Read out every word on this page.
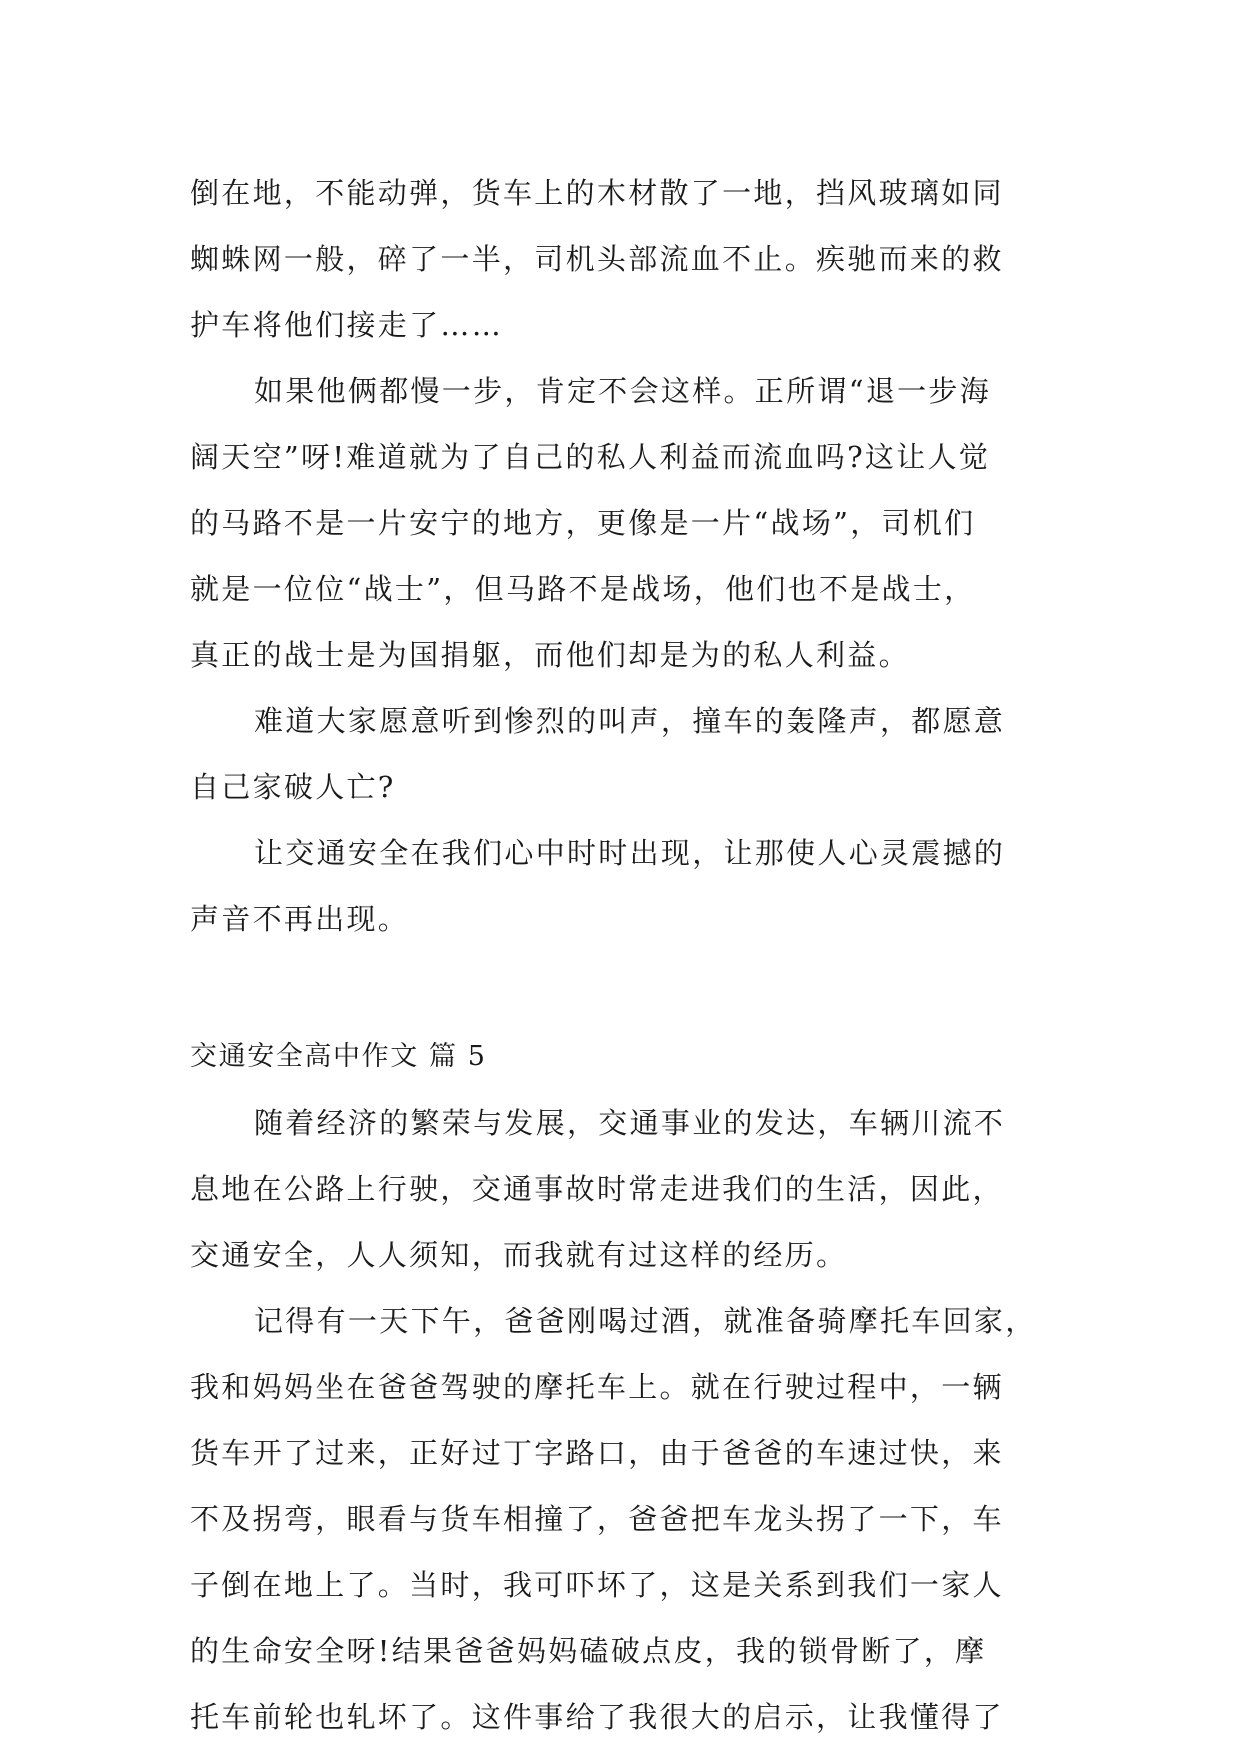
倒在地，不能动弹，货车上的木材散了一地，挡风玻璃如同
蜘蛛网一般，碎了一半，司机头部流血不止。疾驰而来的救
护车将他们接走了……

如果他俩都慢一步，肯定不会这样。正所谓“退一步海
阔天空”呀!难道就为了自己的私人利益而流血吗?这让人觉
的马路不是一片安宁的地方，更像是一片“战场”，司机们
就是一位位“战士”，但马路不是战场，他们也不是战士，
真正的战士是为国捐躯，而他们却是为的私人利益。

难道大家愿意听到惨烈的叫声，撞车的轰隆声，都愿意
自己家破人亡?

让交通安全在我们心中时时出现，让那使人心灵震撼的
声音不再出现。

交通安全高中作文 篇 5

随着经济的繁荣与发展，交通事业的发达，车辆川流不
息地在公路上行驶，交通事故时常走进我们的生活，因此，
交通安全，人人须知，而我就有过这样的经历。

记得有一天下午，爸爸刚喝过酒，就准备骑摩托车回家，
我和妈妈坐在爸爸驾驶的摩托车上。就在行驶过程中，一辆
货车开了过来，正好过丁字路口，由于爸爸的车速过快，来
不及拐弯，眼看与货车相撞了，爸爸把车龙头拐了一下，车
子倒在地上了。当时，我可吓坏了，这是关系到我们一家人
的生命安全呀!结果爸爸妈妈磕破点皮，我的锁骨断了，摩
托车前轮也轧坏了。这件事给了我很大的启示，让我懂得了
